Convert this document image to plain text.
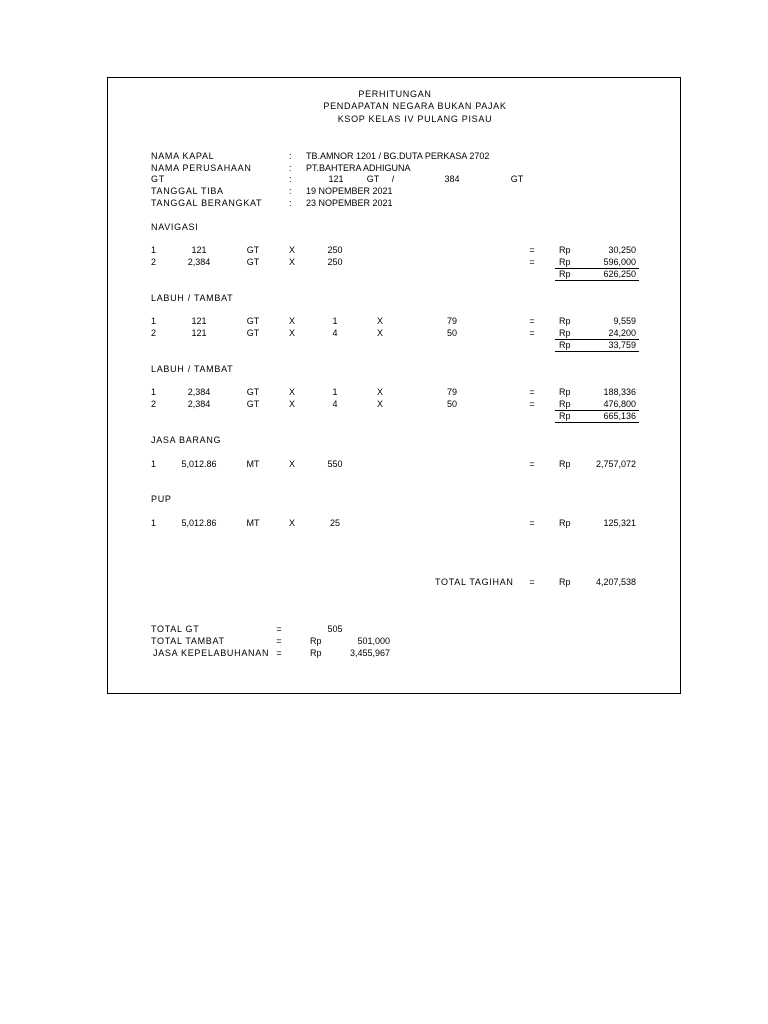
PERHITUNGAN
PENDAPATAN NEGARA BUKAN PAJAK
KSOP KELAS IV PULANG PISAU
NAMA KAPAL	: TB.AMNOR 1201 / BG.DUTA PERKASA 2702
NAMA PERUSAHAAN	: PT.BAHTERA ADHIGUNA
GT	:	121	GT /	384	GT
TANGGAL TIBA	: 19 NOPEMBER 2021
TANGGAL BERANGKAT	: 23 NOPEMBER 2021
NAVIGASI
1	121	GT	X	250	=	Rp	30,250
2	2,384	GT	X	250	=	Rp	596,000
Rp	626,250
LABUH / TAMBAT
1	121	GT	X	1	X	79	=	Rp	9,559
2	121	GT	X	4	X	50	=	Rp	24,200
Rp	33,759
LABUH / TAMBAT
1	2,384	GT	X	1	X	79	=	Rp	188,336
2	2,384	GT	X	4	X	50	=	Rp	476,800
Rp	665,136
JASA BARANG
1	5,012.86	MT	X	550	=	Rp	2,757,072
PUP
1	5,012.86	MT	X	25	=	Rp	125,321
TOTAL TAGIHAN =	Rp	4,207,538
TOTAL GT	=	505
TOTAL TAMBAT	=	Rp	501,000
JASA KEPELABUHANAN =	Rp	3,455,967
